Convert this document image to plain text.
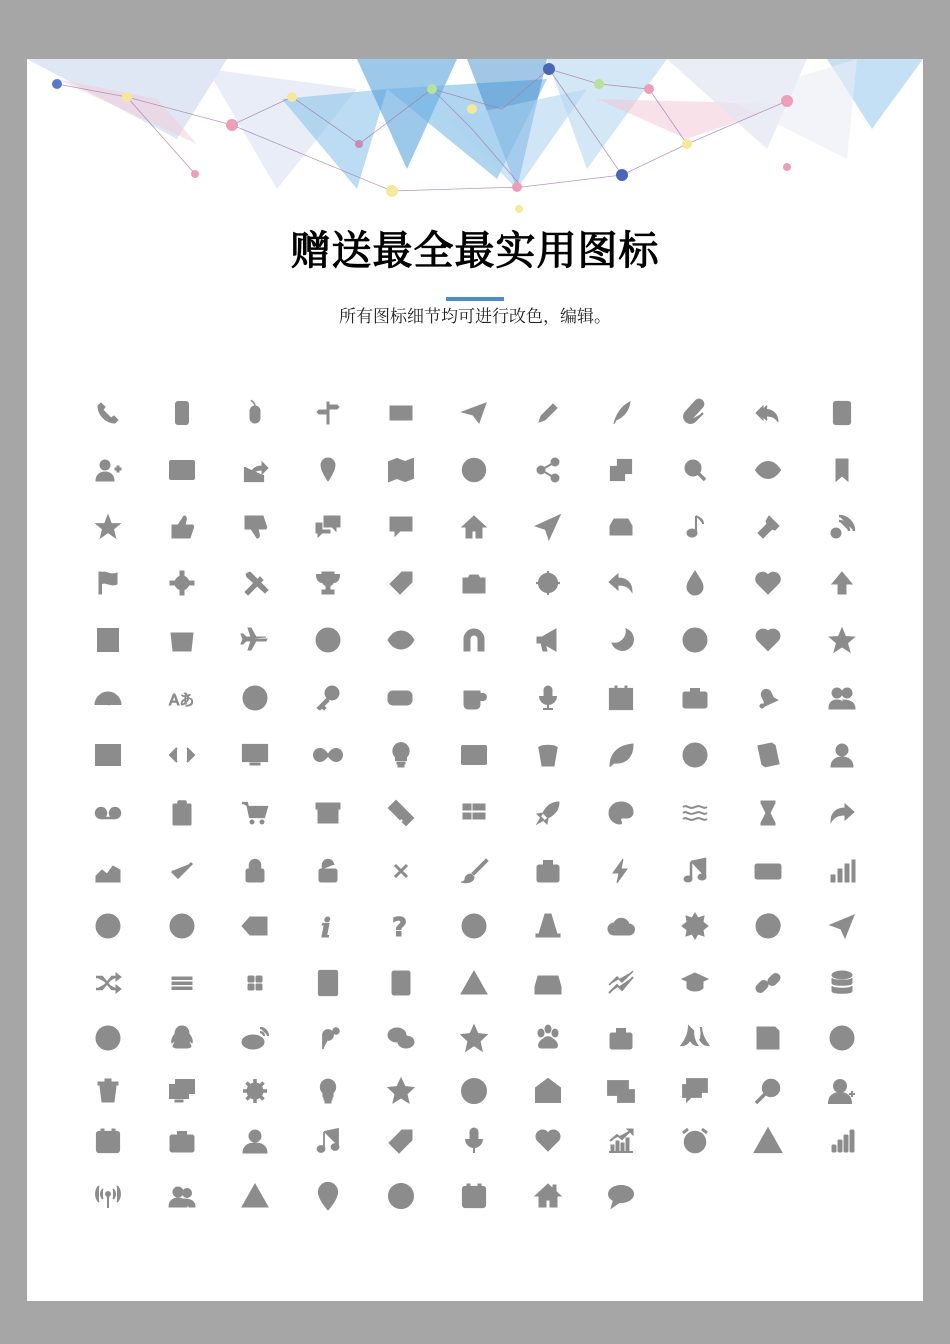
赠送最全最实用图标
所有图标细节均可进行改色，编辑。
Aあ
i ?	?	!
1
